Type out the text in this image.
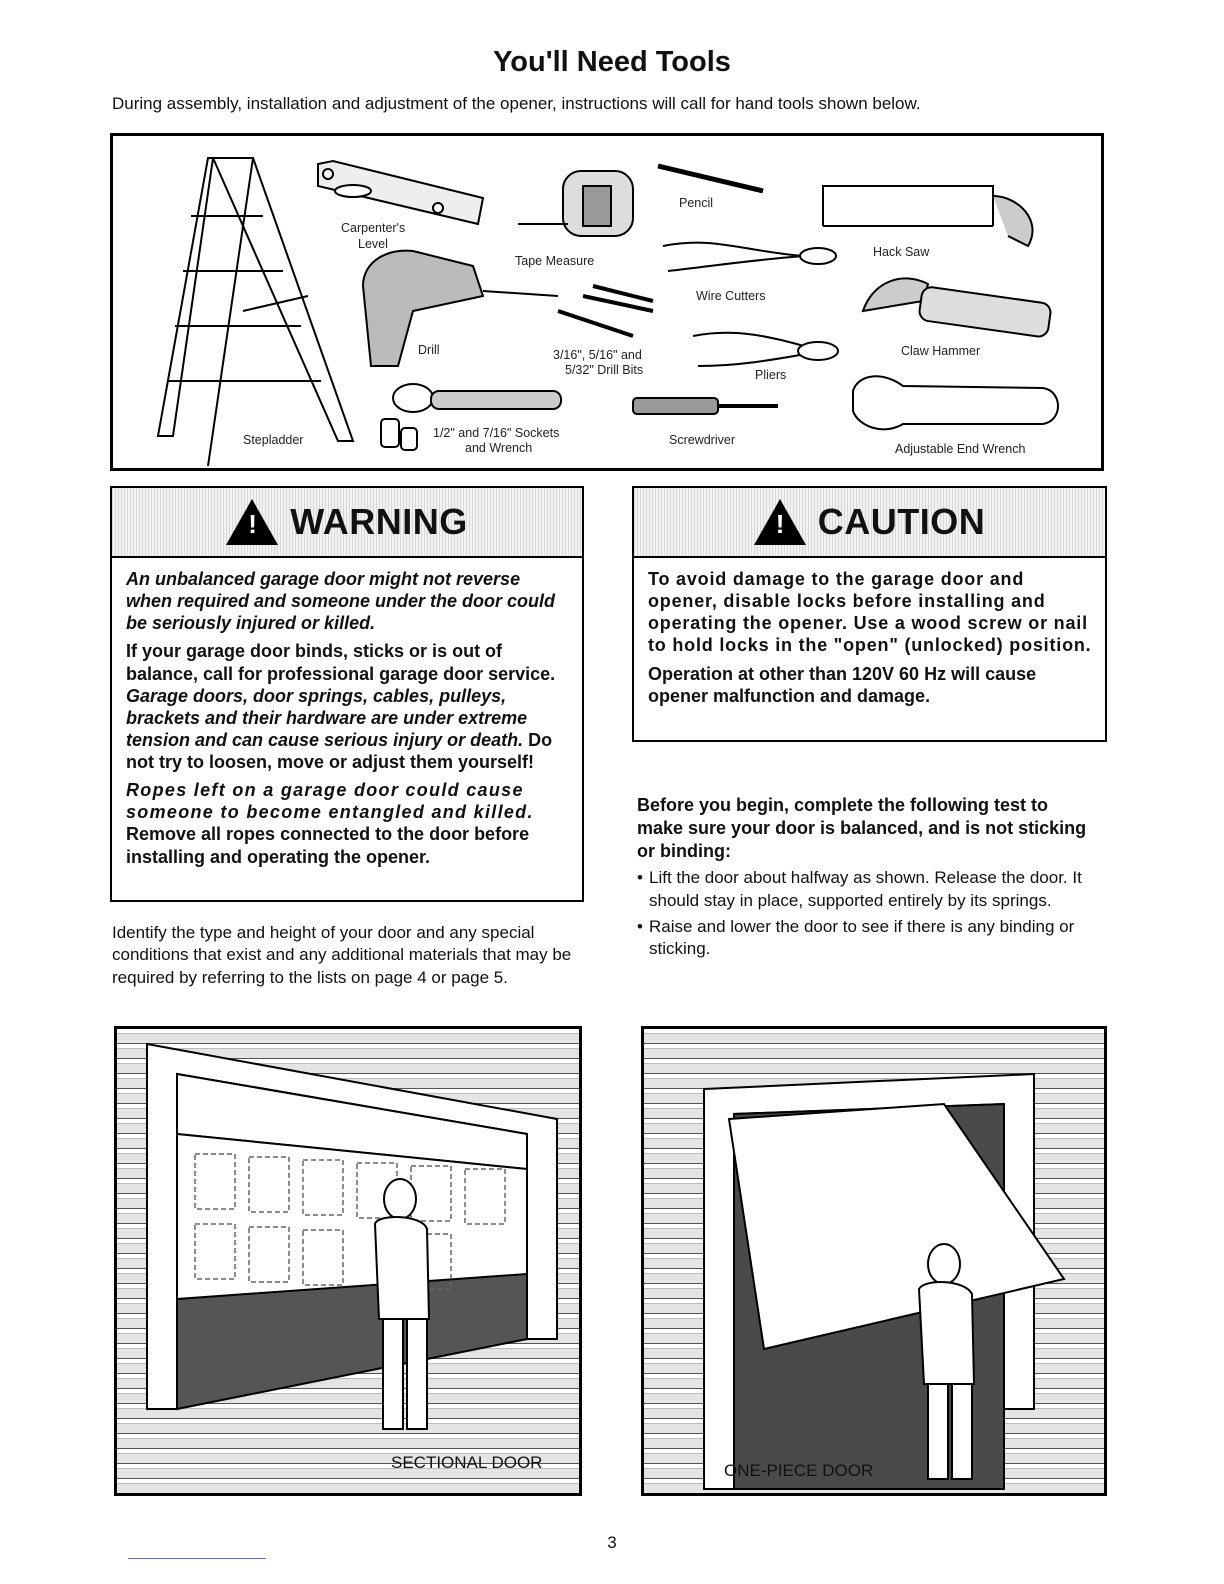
You'll Need Tools
During assembly, installation and adjustment of the opener, instructions will call for hand tools shown below.
Stepladder
Carpenter's
Level
Tape Measure
Pencil
Hack Saw
Wire Cutters
Drill	3/16", 5/16" and
5/32" Drill Bits	Pliers
Claw Hammer
1/2" and 7/16" Sockets
and Wrench
Screwdriver
Adjustable End Wrench
! WARNING

An unbalanced garage door might not reverse when required and someone under the door could be seriously injured or killed.

If your garage door binds, sticks or is out of balance, call for professional garage door service. Garage doors, door springs, cables, pulleys, brackets and their hardware are under extreme tension and can cause serious injury or death. Do not try to loosen, move or adjust them yourself!

Ropes left on a garage door could cause someone to become entangled and killed. Remove all ropes connected to the door before installing and operating the opener.

! CAUTION

To avoid damage to the garage door and opener, disable locks before installing and operating the opener. Use a wood screw or nail to hold locks in the "open" (unlocked) position.

Operation at other than 120V 60 Hz will cause opener malfunction and damage.

Identify the type and height of your door and any special conditions that exist and any additional materials that may be required by referring to the lists on page 4 or page 5.
Before you begin, complete the following test to make sure your door is balanced, and is not sticking or binding:
• Lift the door about halfway as shown. Release the door. It should stay in place, supported entirely by its springs.
• Raise and lower the door to see if there is any binding or sticking.
SECTIONAL DOOR	ONE-PIECE DOOR
3
